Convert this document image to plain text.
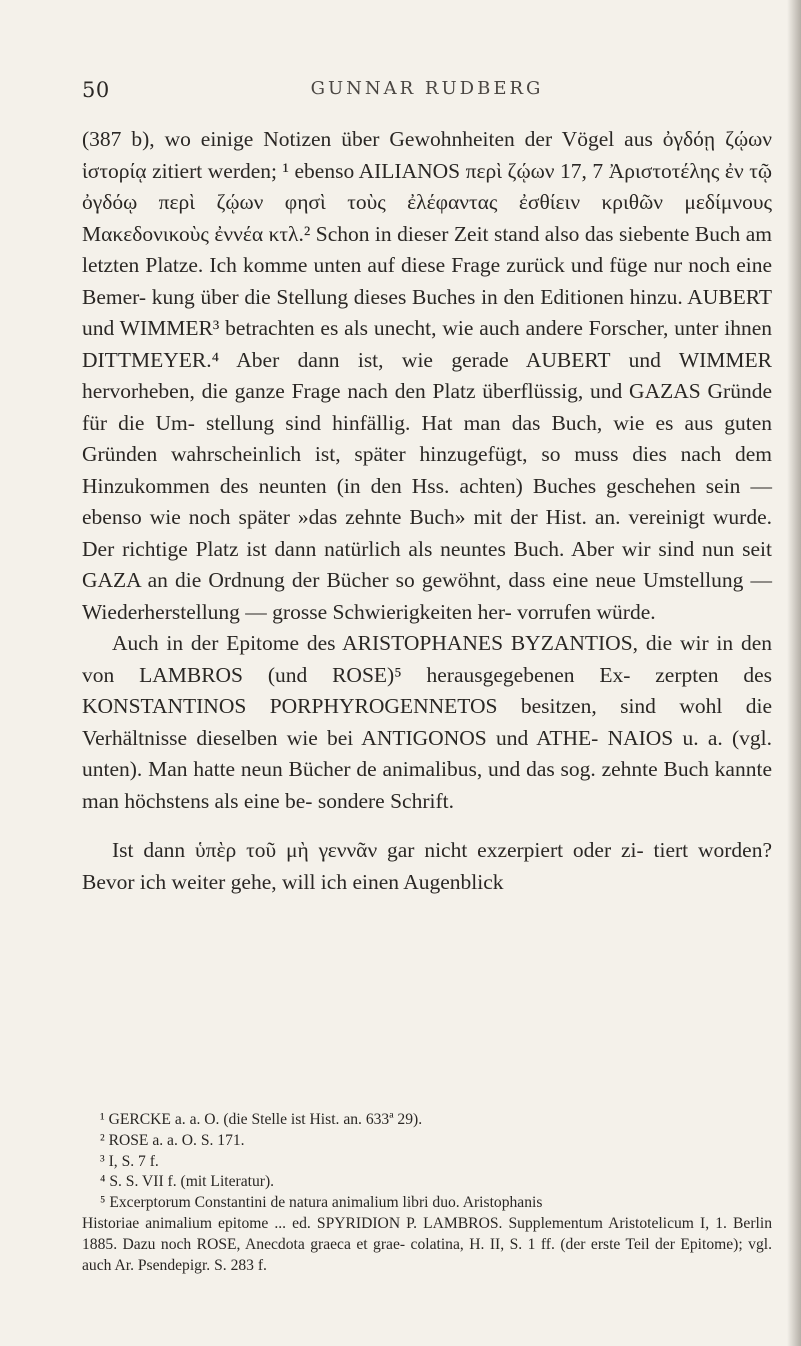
50	GUNNAR RUDBERG

(387 b), wo einige Notizen über Gewohnheiten der Vögel aus ὀγδόῃ ζῴων ἱστορίᾳ zitiert werden; ¹ ebenso AILIANOS περὶ ζῴων 17, 7 Ἀριστοτέλης ἐν τῷ ὀγδόῳ περὶ ζῴων φησὶ τοὺς ἐλέφαντας ἐσθίειν κριθῶν μεδίμνους Μακεδονικοὺς ἐννέα κτλ.² Schon in dieser Zeit stand also das siebente Buch am letzten Platze. Ich komme unten auf diese Frage zurück und füge nur noch eine Bemer- kung über die Stellung dieses Buches in den Editionen hinzu. AUBERT und WIMMER³ betrachten es als unecht, wie auch andere Forscher, unter ihnen DITTMEYER.⁴ Aber dann ist, wie gerade AUBERT und WIMMER hervorheben, die ganze Frage nach den Platz überflüssig, und GAZAS Gründe für die Um- stellung sind hinfällig. Hat man das Buch, wie es aus guten Gründen wahrscheinlich ist, später hinzugefügt, so muss dies nach dem Hinzukommen des neunten (in den Hss. achten) Buches geschehen sein — ebenso wie noch später »das zehnte Buch» mit der Hist. an. vereinigt wurde. Der richtige Platz ist dann natürlich als neuntes Buch. Aber wir sind nun seit GAZA an die Ordnung der Bücher so gewöhnt, dass eine neue Umstellung — Wiederherstellung — grosse Schwierigkeiten her- vorrufen würde.

Auch in der Epitome des ARISTOPHANES BYZANTIOS, die wir in den von LAMBROS (und ROSE)⁵ herausgegebenen Ex- zerpten des KONSTANTINOS PORPHYROGENNETOS besitzen, sind wohl die Verhältnisse dieselben wie bei ANTIGONOS und ATHE- NAIOS u. a. (vgl. unten). Man hatte neun Bücher de animalibus, und das sog. zehnte Buch kannte man höchstens als eine be- sondere Schrift.

Ist dann ὑπὲρ τοῦ μὴ γεννᾶν gar nicht exzerpiert oder zi- tiert worden? Bevor ich weiter gehe, will ich einen Augenblick

¹ GERCKE a. a. O. (die Stelle ist Hist. an. 633ª 29).

² ROSE a. a. O. S. 171.

³ I, S. 7 f.

⁴ S. S. VII f. (mit Literatur).

⁵ Excerptorum Constantini de natura animalium libri duo. Aristophanis

Historiae animalium epitome ... ed. SPYRIDION P. LAMBROS. Supplementum Aristotelicum I, 1. Berlin 1885. Dazu noch ROSE, Anecdota graeca et grae- colatina, H. II, S. 1 ff. (der erste Teil der Epitome); vgl. auch Ar. Psendepigr. S. 283 f.
